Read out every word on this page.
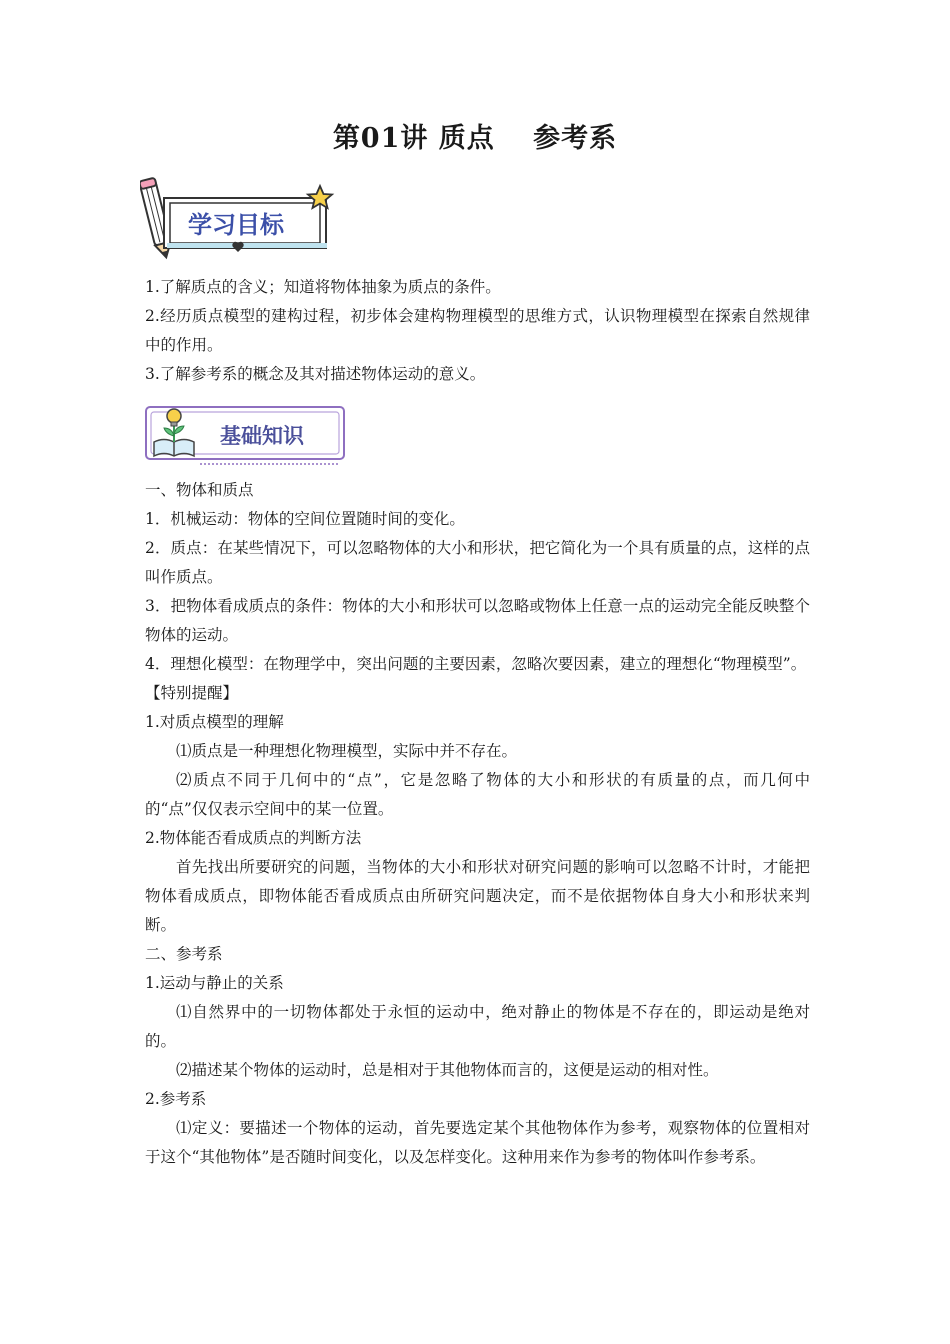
第01讲 质点　 参考系
学习目标

1.了解质点的含义；知道将物体抽象为质点的条件。

2.经历质点模型的建构过程，初步体会建构物理模型的思维方式，认识物理模型在探索自然规律中的作用。

3.了解参考系的概念及其对描述物体运动的意义。

基础知识

一、物体和质点

1．机械运动：物体的空间位置随时间的变化。

2．质点：在某些情况下，可以忽略物体的大小和形状，把它简化为一个具有质量的点，这样的点叫作质点。

3．把物体看成质点的条件：物体的大小和形状可以忽略或物体上任意一点的运动完全能反映整个物体的运动。

4．理想化模型：在物理学中，突出问题的主要因素，忽略次要因素，建立的理想化“物理模型”。

【特别提醒】

1.对质点模型的理解

⑴质点是一种理想化物理模型，实际中并不存在。

⑵质点不同于几何中的“点”，它是忽略了物体的大小和形状的有质量的点，而几何中的“点”仅仅表示空间中的某一位置。

2.物体能否看成质点的判断方法

首先找出所要研究的问题，当物体的大小和形状对研究问题的影响可以忽略不计时，才能把物体看成质点，即物体能否看成质点由所研究问题决定，而不是依据物体自身大小和形状来判断。

二、参考系

1.运动与静止的关系

⑴自然界中的一切物体都处于永恒的运动中，绝对静止的物体是不存在的，即运动是绝对的。

⑵描述某个物体的运动时，总是相对于其他物体而言的，这便是运动的相对性。

2.参考系

⑴定义：要描述一个物体的运动，首先要选定某个其他物体作为参考，观察物体的位置相对于这个“其他物体”是否随时间变化，以及怎样变化。这种用来作为参考的物体叫作参考系。
